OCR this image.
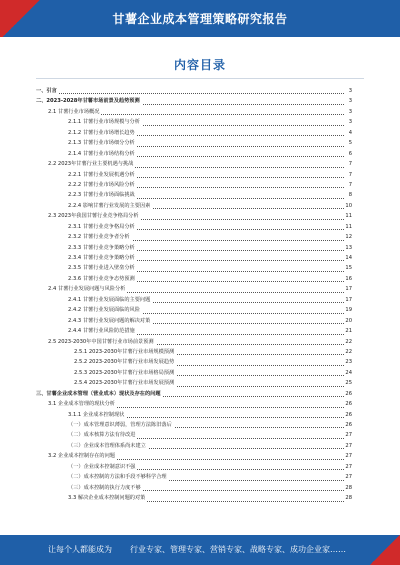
甘薯企业成本管理策略研究报告
内容目录
一、引言	3
二、2023-2028年甘薯市场前景及趋势预测	3
2.1 甘薯行业市场概况	3
2.1.1 甘薯行业市场规模与分析	3
2.1.2 甘薯行业市场增长趋势	4
2.1.3 甘薯行业市场细分分析	5
2.1.4 甘薯行业市场结构分析	6
2.2 2023年甘薯行业主要机遇与挑战	7
2.2.1 甘薯行业发展机遇分析	7
2.2.2 甘薯行业市场风险分析	7
2.2.3 甘薯行业市场面临挑战	8
2.2.4 影响甘薯行业发展的主要因素	10
2.3 2023年我国甘薯行业竞争格局分析	11
2.3.1 甘薯行业竞争格局分析	11
2.3.2 甘薯行业竞争者分析	12
2.3.3 甘薯行业竞争策略分析	13
2.3.4 甘薯行业竞争策略分析	14
2.3.5 甘薯行业进入壁垒分析	15
2.3.6 甘薯行业竞争态势预测	16
2.4 甘薯行业发展问题与风险分析	17
2.4.1 甘薯行业发展面临的主要问题	17
2.4.2 甘薯行业发展面临的风险	19
2.4.3 甘薯行业发展问题的解决对策	20
2.4.4 甘薯行业风险防范措施	21
2.5 2023-2030年中国甘薯行业市场前景预测	22
2.5.1 2023-2030年甘薯行业市场规模预测	22
2.5.2 2023-2030年甘薯行业市场发展趋势	23
2.5.3 2023-2030年甘薯行业市场格局预测	24
2.5.4 2023-2030年甘薯行业市场发展预测	25
三、甘薯企业成本管理（营业成本）现状及存在的问题	26
3.1 企业成本管理的现状分析	26
3.1.1 企业成本控制现状	26
（一）成本管理意识薄弱，管理方法陈旧落后	26
（二）成本核算方法有待改进	27
（三）企业成本管理体系尚未建立	27
3.2 企业成本控制存在的问题	27
（一）企业成本控制意识不强	27
（二）成本控制的方法和手段不够科学合理	27
（三）成本控制的执行力度不够	28
3.3 解决企业成本控制问题的对策	28
让每个人都能成为 行业专家、管理专家、营销专家、战略专家、成功企业家……
